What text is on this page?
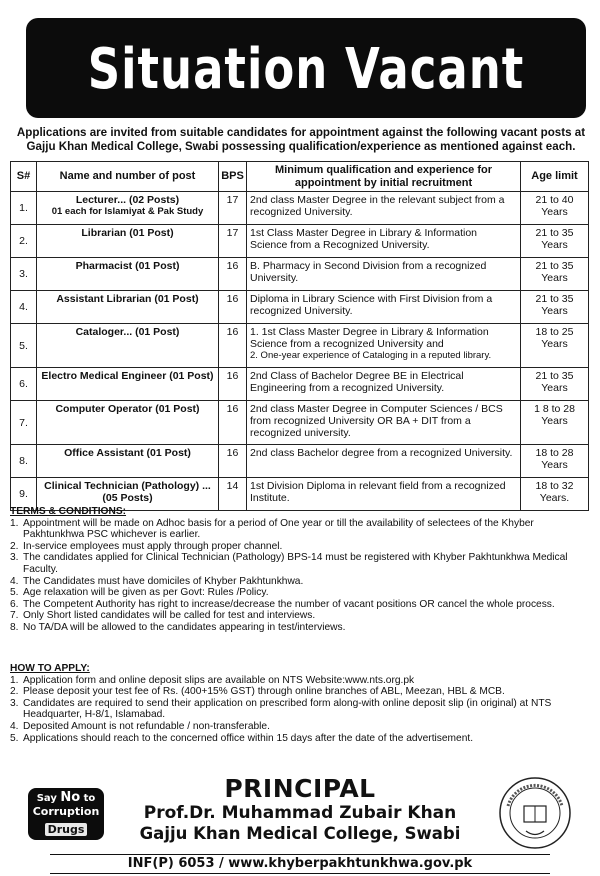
Situation Vacant
Applications are invited from suitable candidates for appointment against the following vacant posts at Gajju Khan Medical College, Swabi possessing qualification/experience as mentioned against each.
S#	Name and number of post	BPS	Minimum qualification and experience for appointment by initial recruitment	Age limit
1.	Lecturer... (02 Posts)
01 each for Islamiyat & Pak Study	17	2nd class Master Degree in the relevant subject from a recognized University.	21 to 40 Years
2.	Librarian (01 Post)	17	1st Class Master Degree in Library & Information Science from a Recognized University.	21 to 35 Years
3.	Pharmacist (01 Post)	16	B. Pharmacy in Second Division from a recognized University.	21 to 35 Years
4.	Assistant Librarian (01 Post)	16	Diploma in Library Science with First Division from a recognized University.	21 to 35 Years
5.	Cataloger... (01 Post)	16	1. 1st Class Master Degree in Library & Information Science from a recognized University and
2. One-year experience of Cataloging in a reputed library.	18 to 25 Years
6.	Electro Medical Engineer (01 Post)	16	2nd Class of Bachelor Degree BE in Electrical Engineering from a recognized University.	21 to 35 Years
7.	Computer Operator (01 Post)	16	2nd class Master Degree in Computer Sciences / BCS from recognized University OR BA + DIT from a recognized university.	1 8 to 28 Years
8.	Office Assistant (01 Post)	16	2nd class Bachelor degree from a recognized University.	18 to 28 Years
9.	Clinical Technician (Pathology) ...(05 Posts)	14	1st Division Diploma in relevant field from a recognized Institute.	18 to 32 Years.
TERMS & CONDITIONS:
1. Appointment will be made on Adhoc basis for a period of One year or till the availability of selectees of the Khyber Pakhtunkhwa PSC whichever is earlier.
2. In-service employees must apply through proper channel.
3. The candidates applied for Clinical Technician (Pathology) BPS-14 must be registered with Khyber Pakhtunkhwa Medical Faculty.
4. The Candidates must have domiciles of Khyber Pakhtunkhwa.
5. Age relaxation will be given as per Govt: Rules /Policy.
6. The Competent Authority has right to increase/decrease the number of vacant positions OR cancel the whole process.
7. Only Short listed candidates will be called for test and interviews.
8. No TA/DA will be allowed to the candidates appearing in test/interviews.
HOW TO APPLY:
1. Application form and online deposit slips are available on NTS Website:www.nts.org.pk
2. Please deposit your test fee of Rs. (400+15% GST) through online branches of ABL, Meezan, HBL & MCB.
3. Candidates are required to send their application on prescribed form along-with online deposit slip (in original) at NTS Headquarter, H-8/1, Islamabad.
4. Deposited Amount is not refundable / non-transferable.
5. Applications should reach to the concerned office within 15 days after the date of the advertisement.
Say No to
Corruption
Drugs
PRINCIPAL
Prof.Dr. Muhammad Zubair Khan
Gajju Khan Medical College, Swabi
INF(P) 6053 / www.khyberpakhtunkhwa.gov.pk
